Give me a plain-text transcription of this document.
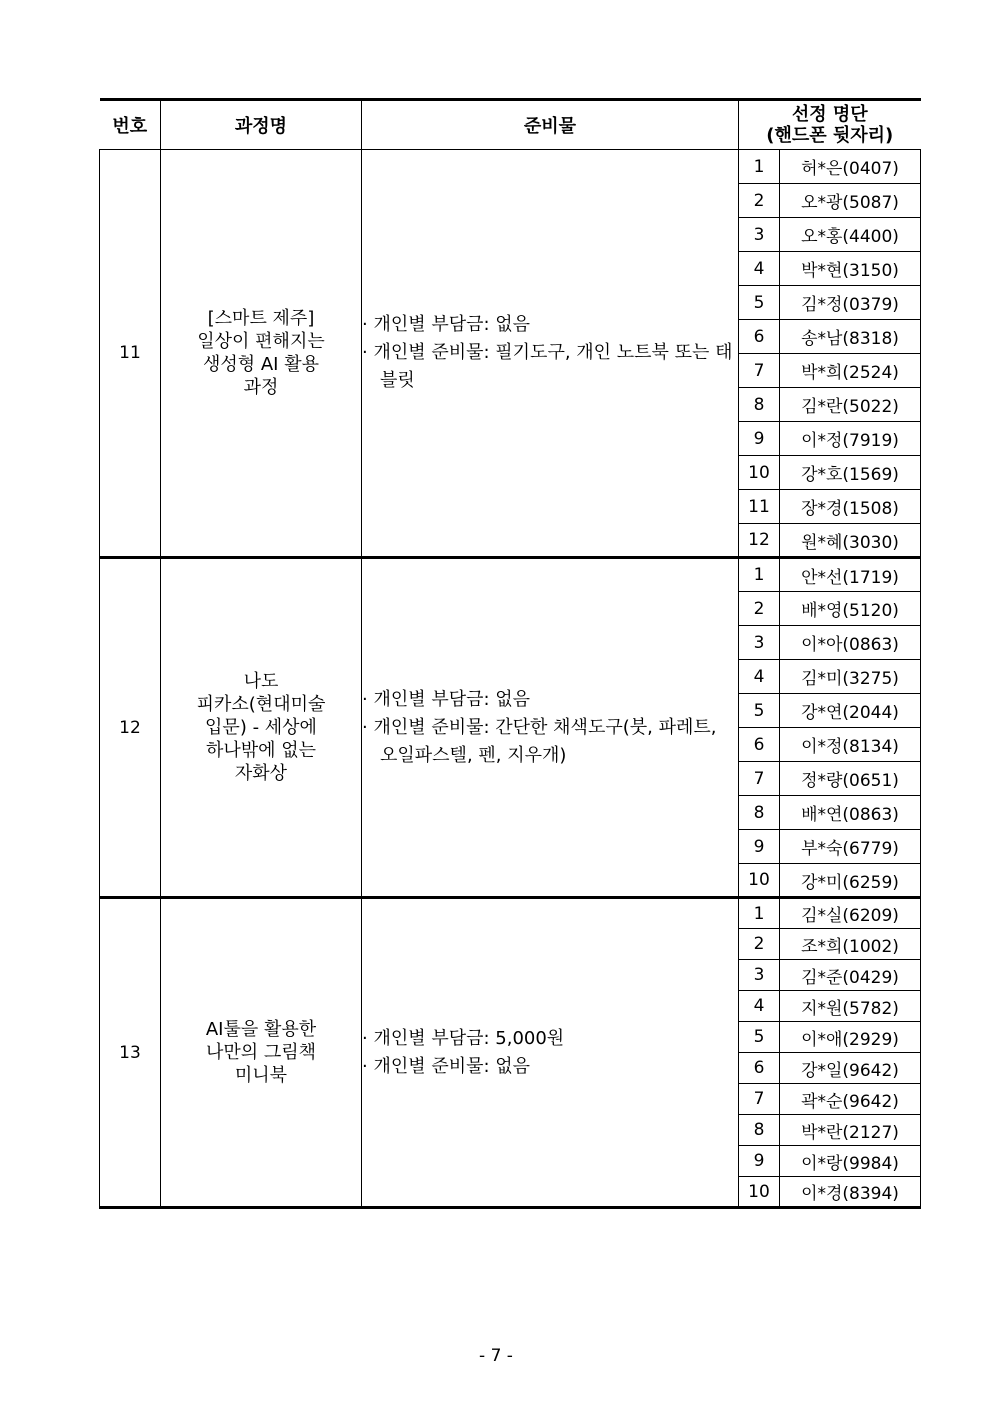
번호	과정명	준비물	선정 명단
(핸드폰 뒷자리)	
11	[스마트 제주]
일상이 편해지는
생성형 AI 활용
과정	· 개인별 부담금: 없음
· 개인별 준비물: 필기도구, 개인 노트북 또는 태블릿	1	허*은(0407)
			2	오*광(5087)
			3	오*홍(4400)
			4	박*현(3150)
			5	김*정(0379)
			6	송*남(8318)
			7	박*희(2524)
			8	김*란(5022)
			9	이*정(7919)
			10	강*호(1569)
			11	장*경(1508)
			12	원*혜(3030)
12	나도
피카소(현대미술
입문) - 세상에
하나밖에 없는
자화상	· 개인별 부담금: 없음
· 개인별 준비물: 간단한 채색도구(붓, 파레트, 오일파스텔, 펜, 지우개)	1	안*선(1719)
			2	배*영(5120)
			3	이*아(0863)
			4	김*미(3275)
			5	강*연(2044)
			6	이*정(8134)
			7	정*량(0651)
			8	배*연(0863)
			9	부*숙(6779)
			10	강*미(6259)
13	AI툴을 활용한
나만의 그림책
미니북	· 개인별 부담금: 5,000원
· 개인별 준비물: 없음	1	김*실(6209)
			2	조*희(1002)
			3	김*준(0429)
			4	지*원(5782)
			5	이*애(2929)
			6	강*일(9642)
			7	곽*순(9642)
			8	박*란(2127)
			9	이*랑(9984)
			10	이*경(8394)
- 7 -
